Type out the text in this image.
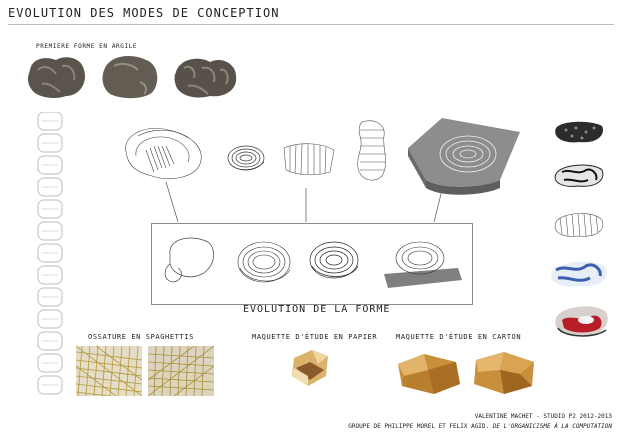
EVOLUTION DES MODES DE CONCEPTION
PREMIERE FORME EN ARGILE
EVOLUTION DE LA FORME
OSSATURE EN SPAGHETTIS	MAQUETTE D'ÉTUDE EN PAPIER	MAQUETTE D'ÉTUDE EN CARTON
VALENTINE MACHET - STUDIO P2 2012-2013
GROUPE DE PHILIPPE MOREL ET FELIX AGID. DE L'ORGANICISME À LA COMPUTATION
